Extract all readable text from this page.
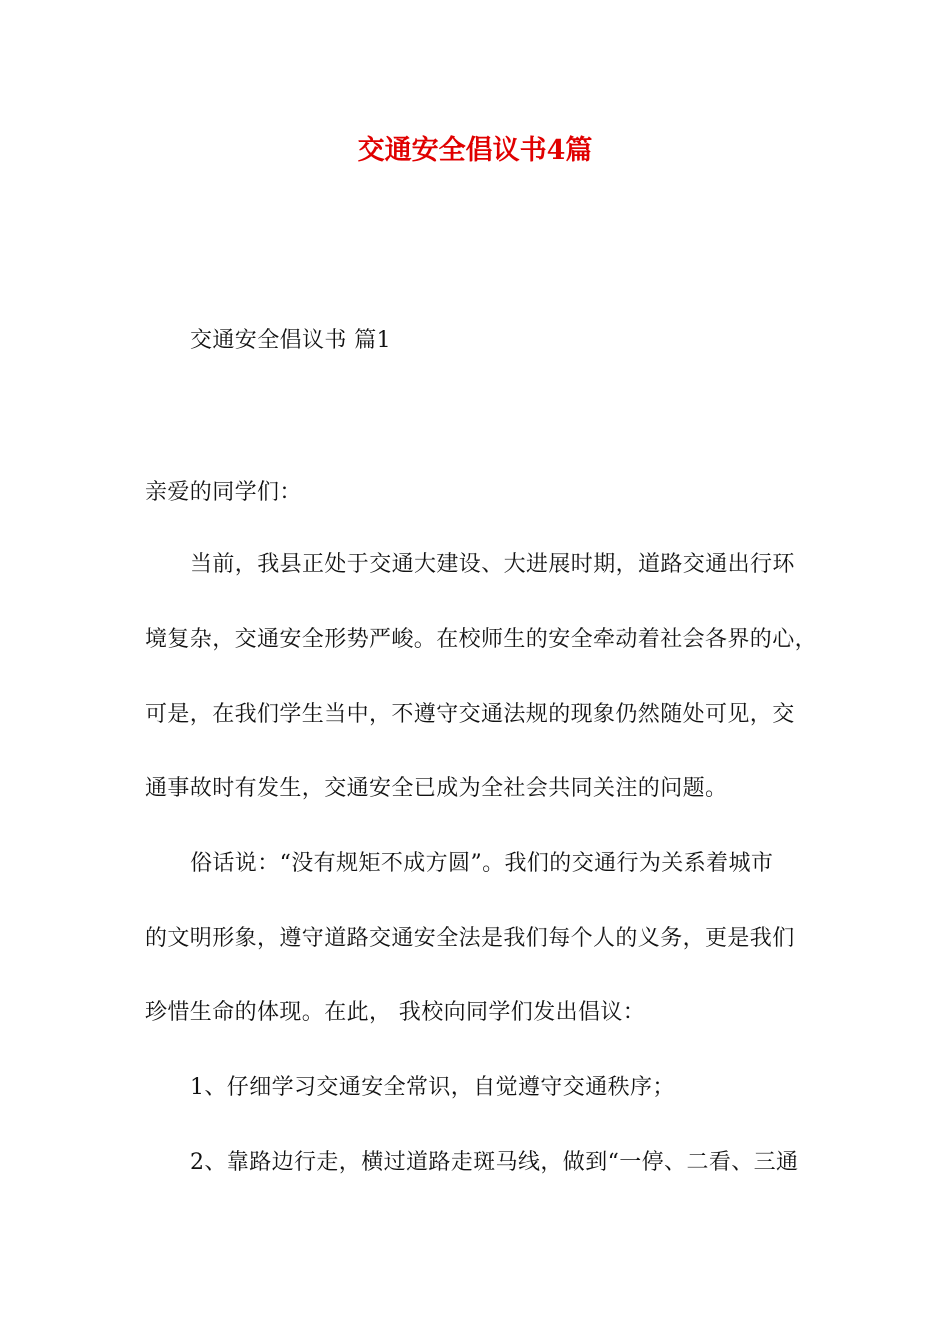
交通安全倡议书4篇
交通安全倡议书 篇1
亲爱的同学们：
当前，我县正处于交通大建设、大进展时期，道路交通出行环
境复杂，交通安全形势严峻。在校师生的安全牵动着社会各界的心，
可是，在我们学生当中，不遵守交通法规的现象仍然随处可见，交
通事故时有发生，交通安全已成为全社会共同关注的问题。
俗话说：“没有规矩不成方圆”。我们的交通行为关系着城市
的文明形象，遵守道路交通安全法是我们每个人的义务，更是我们
珍惜生命的体现。在此， 我校向同学们发出倡议：
1、仔细学习交通安全常识，自觉遵守交通秩序；
2、靠路边行走，横过道路走斑马线，做到“一停、二看、三通
